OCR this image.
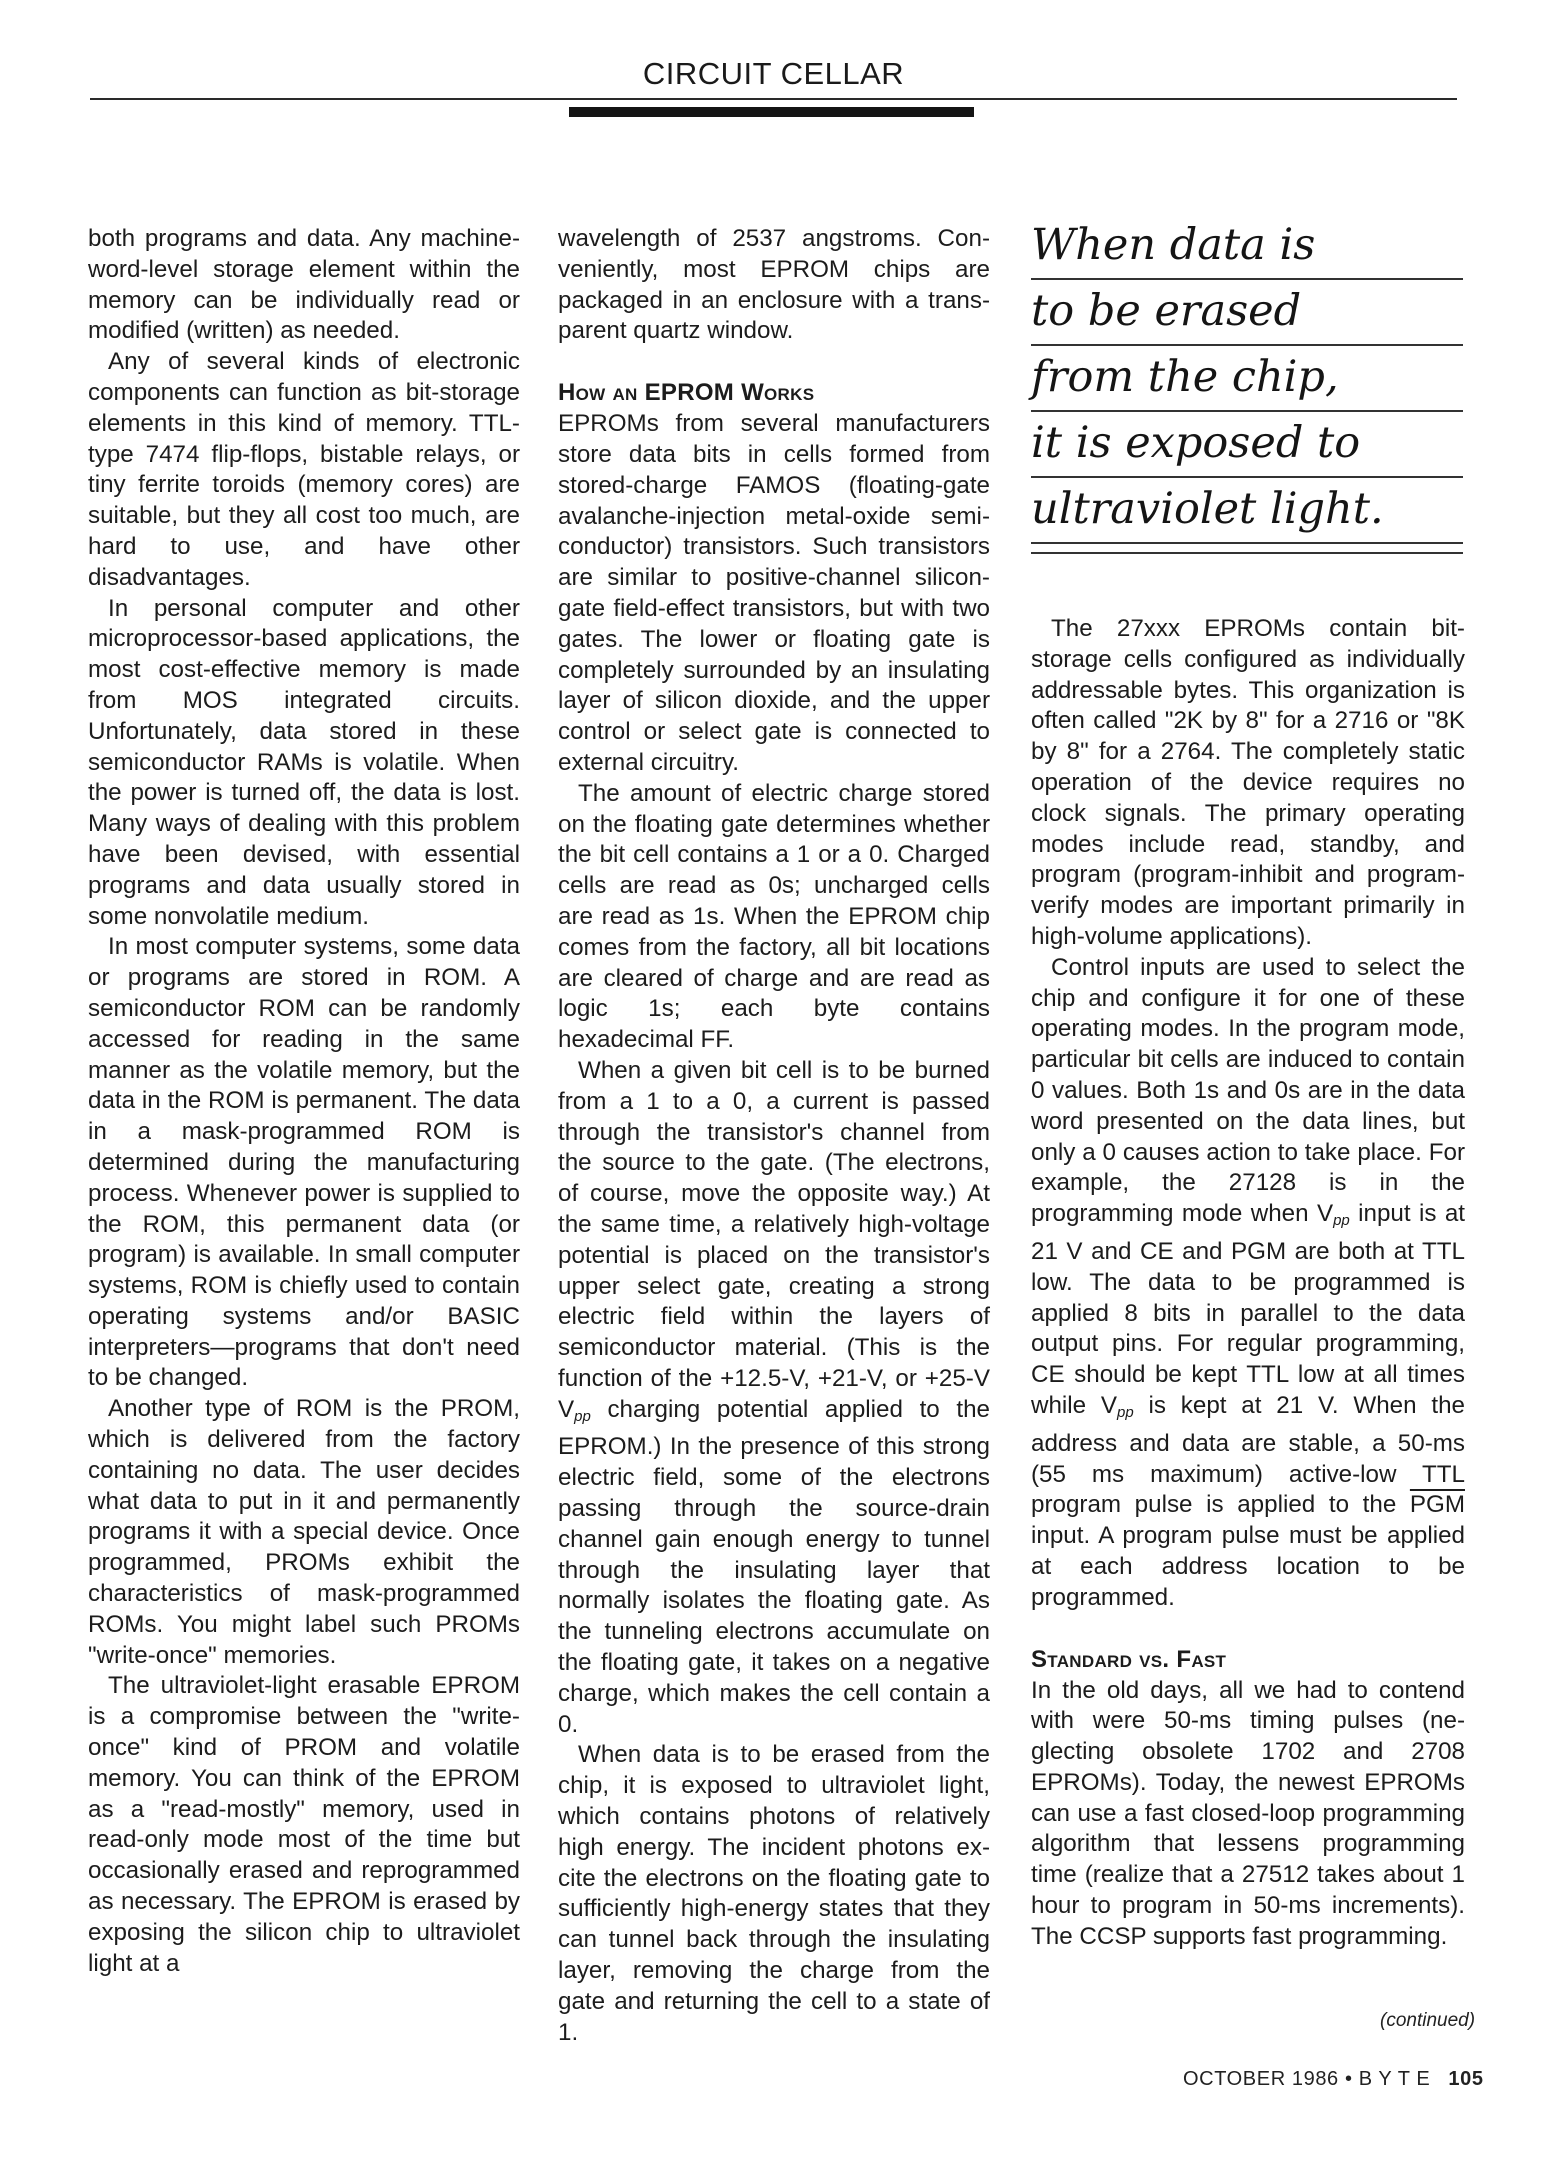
CIRCUIT CELLAR

both programs and data. Any machine-word-level storage element within the memory can be individually read or modified (written) as needed.

Any of several kinds of electronic components can function as bit-storage elements in this kind of memory. TTL-type 7474 flip-flops, bistable relays, or tiny ferrite toroids (memory cores) are suitable, but they all cost too much, are hard to use, and have other disadvantages.

In personal computer and other microprocessor-based applications, the most cost-effective memory is made from MOS integrated circuits. Unfortunately, data stored in these semiconductor RAMs is volatile. When the power is turned off, the data is lost. Many ways of dealing with this problem have been devised, with essential programs and data usually stored in some nonvolatile medium.

In most computer systems, some data or programs are stored in ROM. A semiconductor ROM can be randomly accessed for reading in the same manner as the volatile memory, but the data in the ROM is permanent. The data in a mask-programmed ROM is determined during the manufacturing process. Whenever power is supplied to the ROM, this permanent data (or program) is available. In small computer systems, ROM is chiefly used to contain operating systems and/or BASIC interpreters—programs that don't need to be changed.

Another type of ROM is the PROM, which is delivered from the factory containing no data. The user decides what data to put in it and permanently programs it with a special device. Once programmed, PROMs exhibit the characteristics of mask-programmed ROMs. You might label such PROMs "write-once" memories.

The ultraviolet-light erasable EPROM is a compromise between the "write-once" kind of PROM and volatile memory. You can think of the EPROM as a "read-mostly" memory, used in read-only mode most of the time but occasionally erased and reprogrammed as necessary. The EPROM is erased by exposing the silicon chip to ultraviolet light at a

wavelength of 2537 angstroms. Conveniently, most EPROM chips are packaged in an enclosure with a transparent quartz window.

How an EPROM Works

EPROMs from several manufacturers store data bits in cells formed from stored-charge FAMOS (floating-gate avalanche-injection metal-oxide semiconductor) transistors. Such transistors are similar to positive-channel silicon-gate field-effect transistors, but with two gates. The lower or floating gate is completely surrounded by an insulating layer of silicon dioxide, and the upper control or select gate is connected to external circuitry.

The amount of electric charge stored on the floating gate determines whether the bit cell contains a 1 or a 0. Charged cells are read as 0s; uncharged cells are read as 1s. When the EPROM chip comes from the factory, all bit locations are cleared of charge and are read as logic 1s; each byte contains hexadecimal FF.

When a given bit cell is to be burned from a 1 to a 0, a current is passed through the transistor's channel from the source to the gate. (The electrons, of course, move the opposite way.) At the same time, a relatively high-voltage potential is placed on the transistor's upper select gate, creating a strong electric field within the layers of semiconductor material. (This is the function of the +12.5-V, +21-V, or +25-V $V_{pp}$ charging potential applied to the EPROM.) In the presence of this strong electric field, some of the electrons passing through the source-drain channel gain enough energy to tunnel through the insulating layer that normally isolates the floating gate. As the tunneling electrons accumulate on the floating gate, it takes on a negative charge, which makes the cell contain a 0.

When data is to be erased from the chip, it is exposed to ultraviolet light, which contains photons of relatively high energy. The incident photons excite the electrons on the floating gate to sufficiently high-energy states that they can tunnel back through the insulating layer, removing the charge from the gate and returning the cell to a state of 1.

When data is
to be erased
from the chip,
it is exposed to
ultraviolet light.

The 27xxx EPROMs contain bit-storage cells configured as individually addressable bytes. This organization is often called "2K by 8" for a 2716 or "8K by 8" for a 2764. The completely static operation of the device requires no clock signals. The primary operating modes include read, standby, and program (program-inhibit and program-verify modes are important primarily in high-volume applications).

Control inputs are used to select the chip and configure it for one of these operating modes. In the program mode, particular bit cells are induced to contain 0 values. Both 1s and 0s are in the data word presented on the data lines, but only a 0 causes action to take place. For example, the 27128 is in the programming mode when $V_{pp}$ input is at 21 V and CE and PGM are both at TTL low. The data to be programmed is applied 8 bits in parallel to the data output pins. For regular programming, CE should be kept TTL low at all times while $V_{pp}$ is kept at 21 V. When the address and data are stable, a 50-ms (55 ms maximum) active-low TTL program pulse is applied to the $\overline{PGM}$ input. A program pulse must be applied at each address location to be programmed.

Standard vs. Fast

In the old days, all we had to contend with were 50-ms timing pulses (neglecting obsolete 1702 and 2708 EPROMs). Today, the newest EPROMs can use a fast closed-loop programming algorithm that lessens programming time (realize that a 27512 takes about 1 hour to program in 50-ms increments). The CCSP supports fast programming.

(continued)
OCTOBER 1986 • B Y T E 105
